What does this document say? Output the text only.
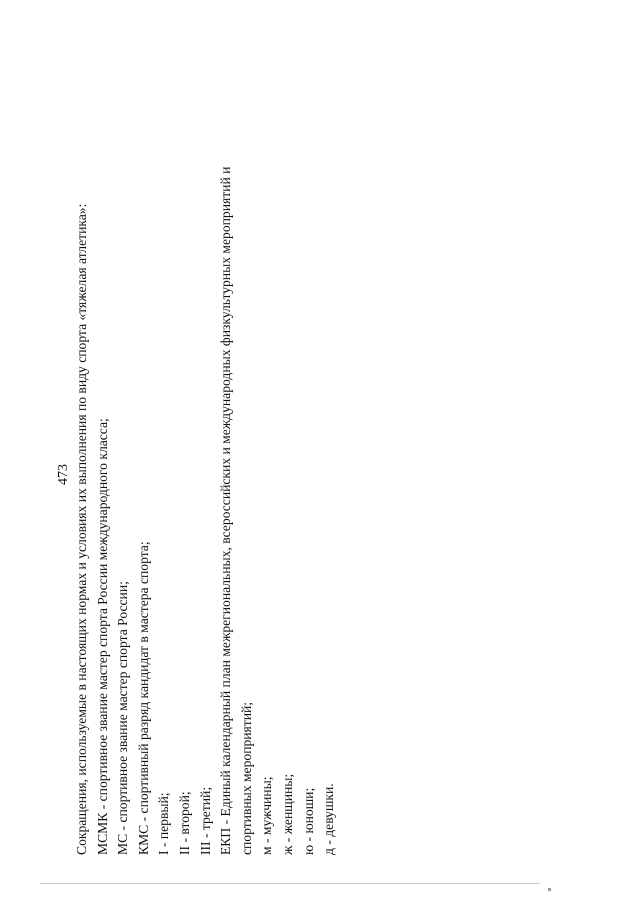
473 Сокращения, используемые в настоящих нормах и условиях их выполнения по виду спорта «тяжелая атлетика»: МСМК - спортивное звание мастер спорта России международного класса; МС - спортивное звание мастер спорта России; КМС - спортивный разряд кандидат в мастера спорта; I - первый; II - второй; III - третий; ЕКП - Единый календарный план межрегиональных, всероссийских и международных физкультурных мероприятий и спортивных мероприятий; м - мужчины; ж - женщины; ю - юноши; д - девушки.
